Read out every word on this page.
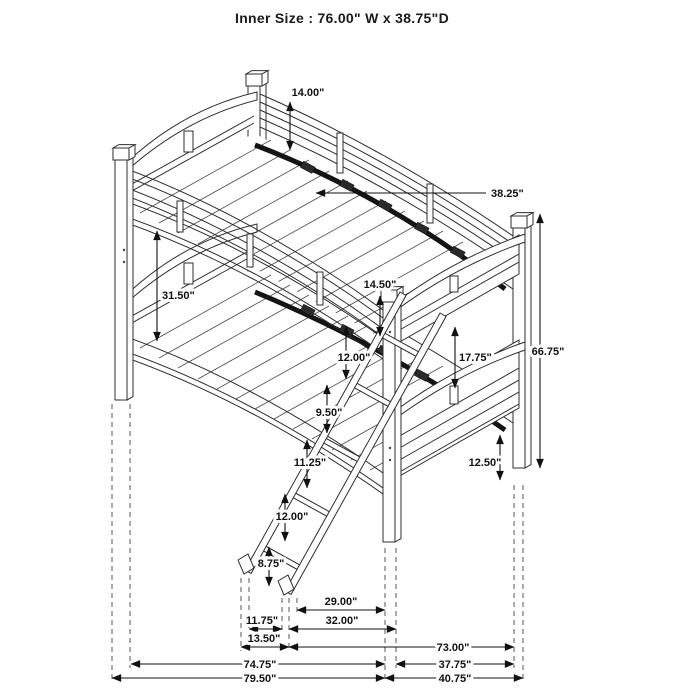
Inner Size : 76.00" W x 38.75"D
14.00"
38.25"
31.50"
14.50"
12.00"	17.75"
9.50"
11.25"
12.00"
8.75"
12.50"
66.75"
29.00"
32.00"
11.75"
13.50"
73.00"
74.75"	37.75"
79.50"	40.75"
